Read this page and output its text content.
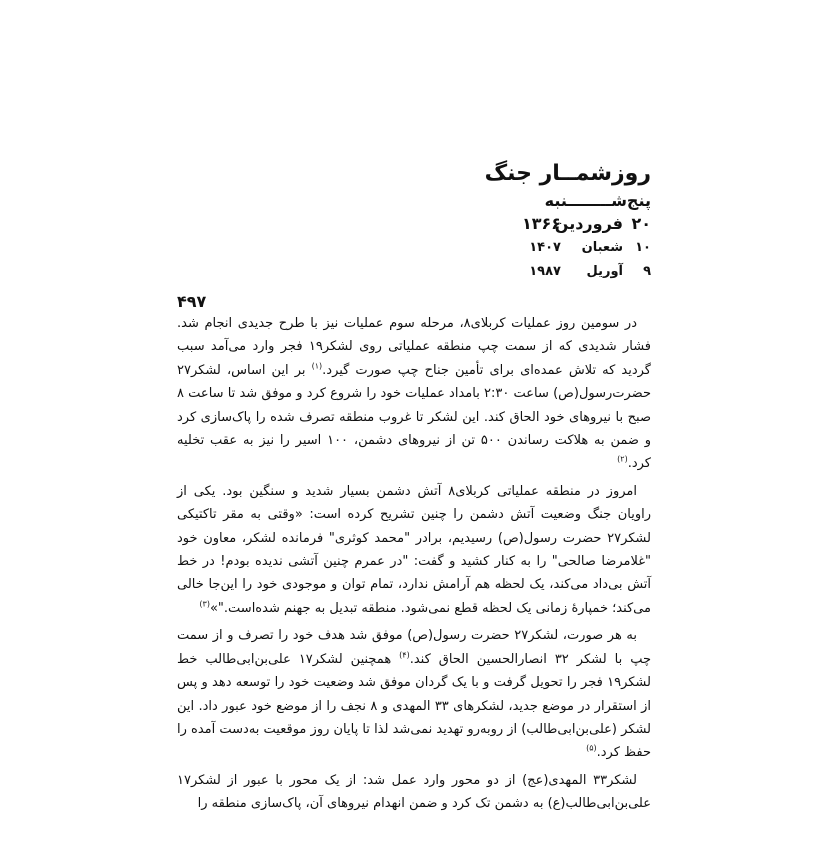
روزشمــار جنگ
پنج‌شــــــــنبه
۲۰
فروردین
۱۳۶۶
۱۰
شعبان
۱۴۰۷
۹
آوریل
۱۹۸۷
۴۹۷

در سومین روز عملیات کربلای۸، مرحله سوم عملیات نیز با طرح جدیدی انجام شد. فشار شدیدی که از سمت چپ منطقه عملیاتی روی لشکر۱۹ فجر وارد می‌آمد سبب گردید که تلاش عمده‌ای برای تأمین جناح چپ صورت گیرد.$^{(۱)}$ بر این اساس، لشکر۲۷ حضرت‌رسول(ص) ساعت ۲:۳۰ بامداد عملیات خود را شروع کرد و موفق شد تا ساعت ۸ صبح با نیروهای خود الحاق کند. این لشکر تا غروب منطقه تصرف شده را پاک‌سازی کرد و ضمن به هلاکت رساندن ۵۰۰ تن از نیروهای دشمن، ۱۰۰ اسیر را نیز به عقب تخلیه کرد.$^{(۲)}$

امروز در منطقه عملیاتی کربلای۸ آتش دشمن بسیار شدید و سنگین بود. یکی از راویان جنگ وضعیت آتش دشمن را چنین تشریح کرده است: «وقتی به مقر تاکتیکی لشکر۲۷ حضرت رسول(ص) رسیدیم، برادر "محمد کوثری" فرمانده لشکر، معاون خود "غلامرضا صالحی" را به کنار کشید و گفت: "در عمرم چنین آتشی ندیده بودم! در خط آتش بی‌داد می‌کند، یک لحظه هم آرامش ندارد، تمام توان و موجودی خود را این‌جا خالی می‌کند؛ خمپارهٔ زمانی یک لحظه قطع نمی‌شود. منطقه تبدیل به جهنم شده‌است."»$^{(۳)}$

به هر صورت، لشکر۲۷ حضرت رسول(ص) موفق شد هدف خود را تصرف و از سمت چپ با لشکر ۳۲ انصارالحسین الحاق کند.$^{(۴)}$ همچنین لشکر۱۷ علی‌بن‌ابی‌طالب خط لشکر۱۹ فجر را تحویل گرفت و با یک گردان موفق شد وضعیت خود را توسعه دهد و پس از استقرار در موضع جدید، لشکرهای ۳۳ المهدی و ۸ نجف را از موضع خود عبور داد. این لشکر (علی‌بن‌ابی‌طالب) از روبه‌رو تهدید نمی‌شد لذا تا پایان روز موقعیت به‌دست آمده را حفظ کرد.$^{(۵)}$

لشکر۳۳ المهدی(عج) از دو محور وارد عمل شد: از یک محور با عبور از لشکر۱۷ علی‌بن‌ابی‌طالب(ع) به دشمن تک کرد و ضمن انهدام نیروهای آن، پاک‌سازی منطقه را
